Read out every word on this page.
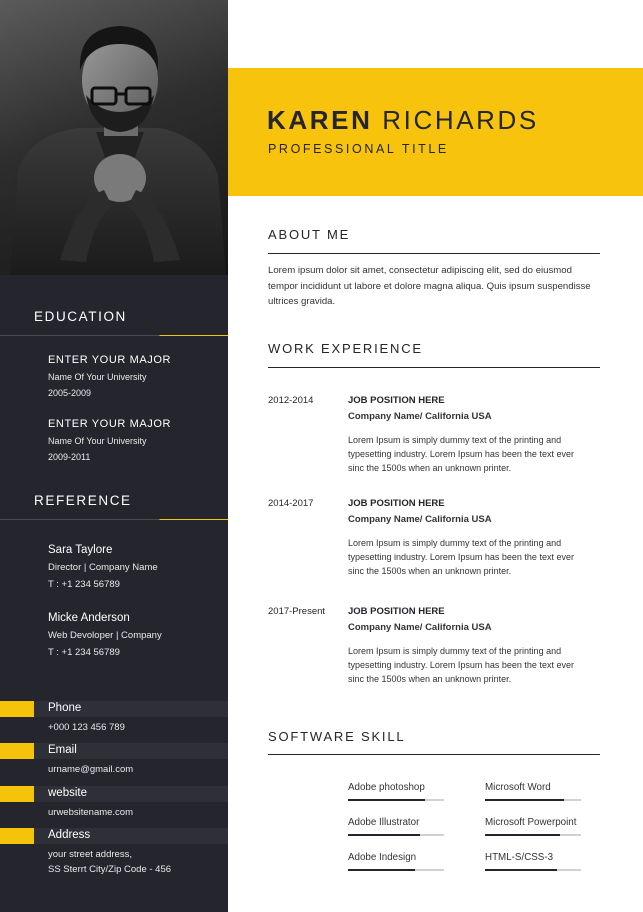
EDUCATION
ENTER YOUR MAJOR
Name Of Your University
2005-2009
ENTER YOUR MAJOR
Name Of Your University
2009-2011
REFERENCE
Sara Taylore
Director | Company Name
T : +1 234 56789
Micke Anderson
Web Devoloper | Company
T : +1 234 56789
Phone
+000 123 456 789
Email
urname@gmail.com
website
urwebsitename.com
Address
your street address,
SS Sterrt City/Zip Code - 456
KAREN RICHARDS
PROFESSIONAL TITLE
ABOUT ME
Lorem ipsum dolor sit amet, consectetur adipiscing elit, sed do eiusmod tempor incididunt ut labore et dolore magna aliqua. Quis ipsum suspendisse ultrices gravida.
WORK EXPERIENCE
2012-2014	JOB POSITION HERE
Company Name/ California USA
Lorem Ipsum is simply dummy text of the printing and typesetting industry. Lorem Ipsum has been the text ever sinc the 1500s when an unknown printer.
2014-2017	JOB POSITION HERE
Company Name/ California USA
Lorem Ipsum is simply dummy text of the printing and typesetting industry. Lorem Ipsum has been the text ever sinc the 1500s when an unknown printer.
2017-Present JOB POSITION HERE
Company Name/ California USA
Lorem Ipsum is simply dummy text of the printing and typesetting industry. Lorem Ipsum has been the text ever sinc the 1500s when an unknown printer.
SOFTWARE SKILL
Adobe photoshop	Microsoft Word
Adobe Illustrator	Microsoft Powerpoint
Adobe Indesign	HTML-S/CSS-3
